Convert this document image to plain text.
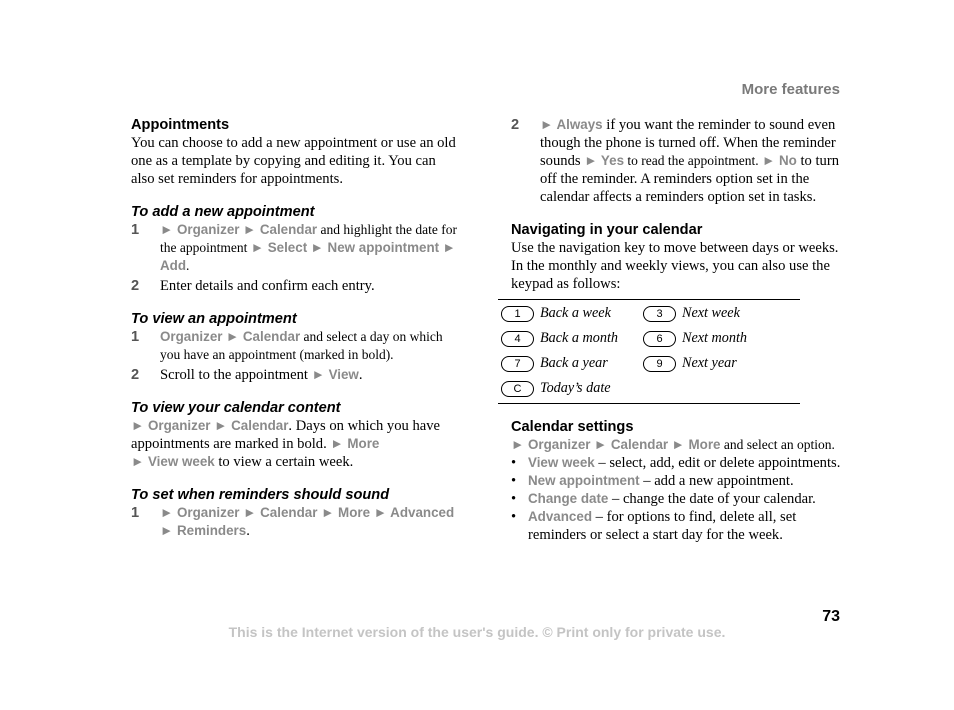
More features

Appointments

You can choose to add a new appointment or use an old one as a template by copying and editing it. You can also set reminders for appointments.

To add a new appointment

1	► Organizer ► Calendar and highlight the date for the appointment ► Select ► New appointment ► Add.
2	Enter details and confirm each entry.

To view an appointment

1	Organizer ► Calendar and select a day on which you have an appointment (marked in bold).
2	Scroll to the appointment ► View.

To view your calendar content

► Organizer ► Calendar. Days on which you have appointments are marked in bold. ► More
► View week to view a certain week.

To set when reminders should sound

1	► Organizer ► Calendar ► More ► Advanced
► Reminders.
2	► Always if you want the reminder to sound even though the phone is turned off. When the reminder sounds ► Yes to read the appointment. ► No to turn off the reminder. A reminders option set in the calendar affects a reminders option set in tasks.

Navigating in your calendar

Use the navigation key to move between days or weeks. In the monthly and weekly views, you can also use the keypad as follows:

1	Back a week	3	Next week
4	Back a month	6	Next month
7	Back a year	9	Next year
C	Today’s date

Calendar settings

► Organizer ► Calendar ► More and select an option.

• View week – select, add, edit or delete appointments.
• New appointment – add a new appointment.
• Change date – change the date of your calendar.
• Advanced – for options to find, delete all, set reminders or select a start day for the week.
73
This is the Internet version of the user's guide. © Print only for private use.
